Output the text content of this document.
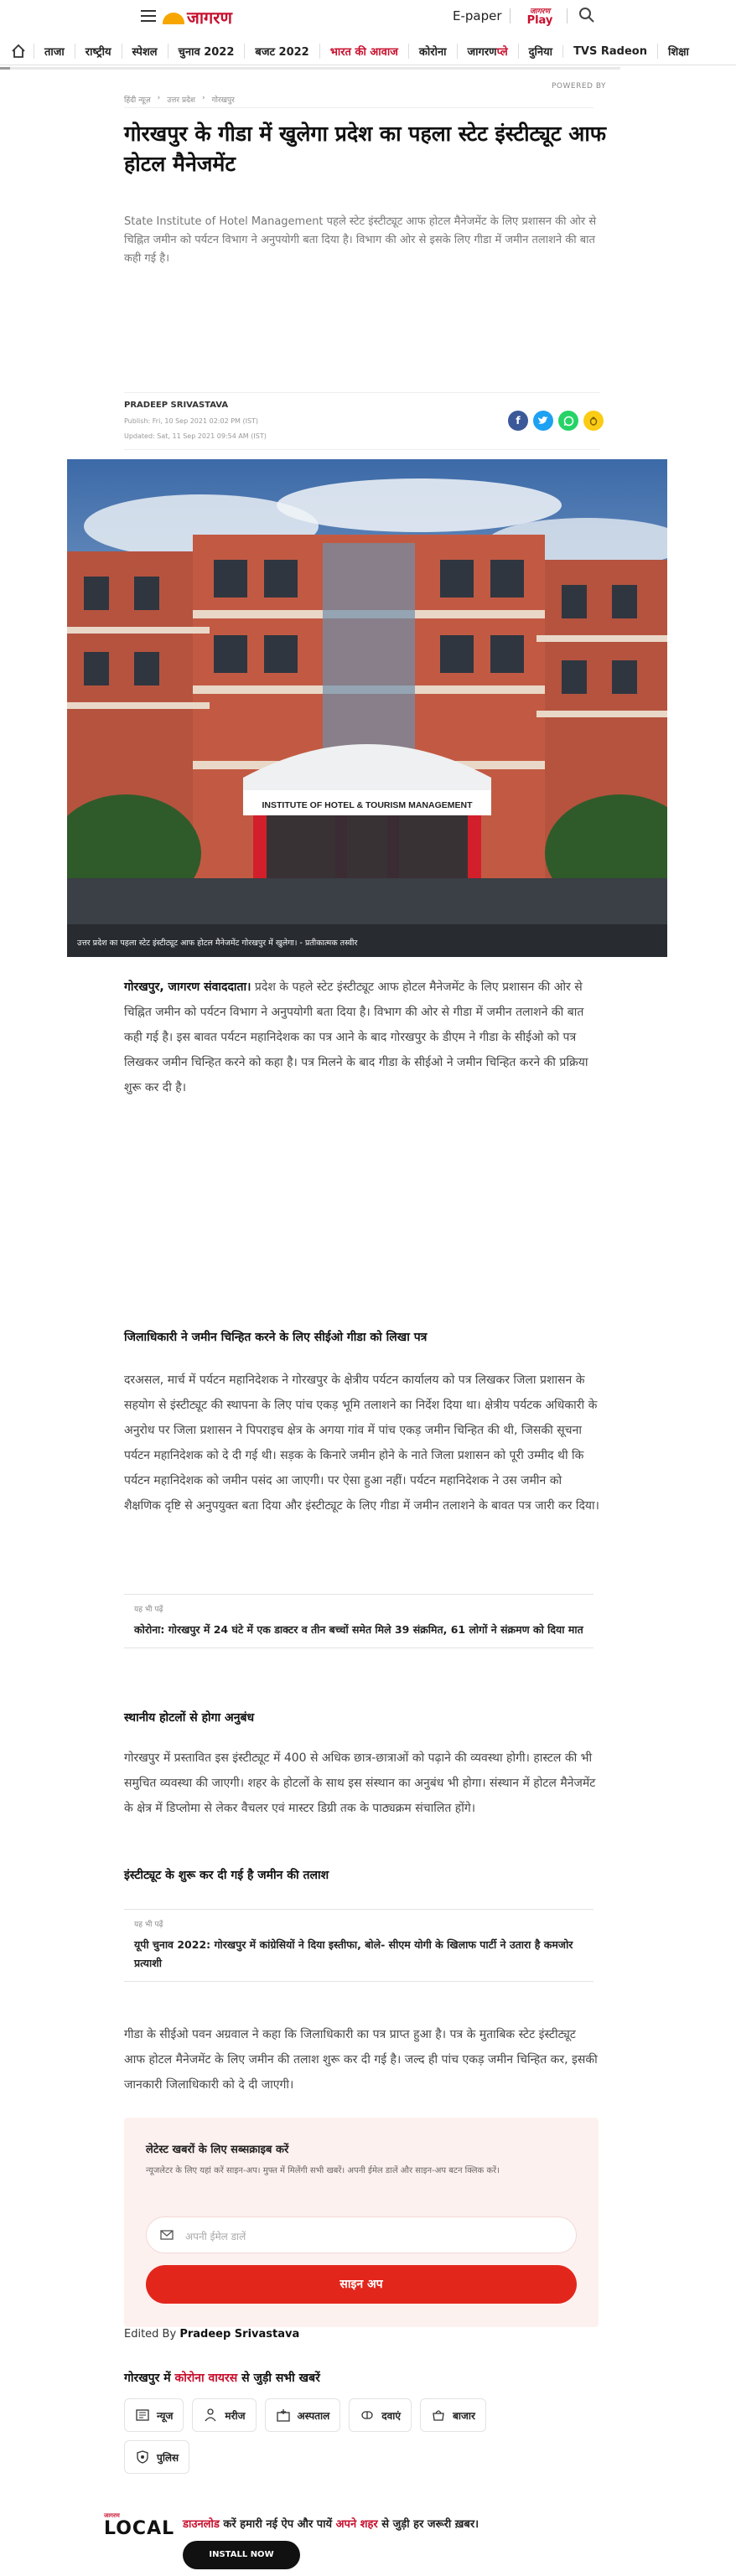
जागरण	E-paper	जागरण
Play
ताजा	राष्‍ट्रीय	स्पेशल	चुनाव 2022	बजट 2022	भारत की आवाज	कोरोना	जागरणप्‍ले	दुनिया	TVS Radeon	शिक्षा
POWERED BY
हिंदी न्यूज़ › उत्तर प्रदेश › गोरखपुर
गोरखपुर के गीडा में खुलेगा प्रदेश का पहला स्टेट इंस्टीट्यूट आफ होटल मैनेजमेंट

State Institute of Hotel Management पहले स्टेट इंस्टीट्यूट आफ होटल मैनेजमेंट के लिए प्रशासन की ओर से चिह्नित जमीन को पर्यटन विभाग ने अनुपयोगी बता दिया है। विभाग की ओर से इसके लिए गीडा में जमीन तलाशने की बात कही गई है।

PRADEEP SRIVASTAVA
Publish: Fri, 10 Sep 2021 02:02 PM (IST)
Updated: Sat, 11 Sep 2021 09:54 AM (IST)
f
INSTITUTE OF HOTEL & TOURISM MANAGEMENT
उत्तर प्रदेश का पहला स्टेट इंस्टीट्यूट आफ होटल मैनेजमेंट गोरखपुर में खुलेगा। - प्रतीकात्मक तस्वीर

गोरखपुर, जागरण संवाददाता। प्रदेश के पहले स्टेट इंस्टीट्यूट आफ होटल मैनेजमेंट के लिए प्रशासन की ओर से चिह्नित जमीन को पर्यटन विभाग ने अनुपयोगी बता दिया है। विभाग की ओर से गीडा में जमीन तलाशने की बात कही गई है। इस बावत पर्यटन महानिदेशक का पत्र आने के बाद गोरखपुर के डीएम ने गीडा के सीईओ को पत्र लिखकर जमीन चिन्हित करने को कहा है। पत्र मिलने के बाद गीडा के सीईओ ने जमीन चिन्हित करने की प्रक्रिया शुरू कर दी है।

जिलाधिकारी ने जमीन चिन्हित करने के लिए सीईओ गीडा को लिखा पत्र

दरअसल, मार्च में पर्यटन महानिदेशक ने गोरखपुर के क्षेत्रीय पर्यटन कार्यालय को पत्र लिखकर जिला प्रशासन के सहयोग से इंस्टीट्यूट की स्थापना के लिए पांच एकड़ भूमि तलाशने का निर्देश दिया था। क्षेत्रीय पर्यटक अधिकारी के अनुरोध पर जिला प्रशासन ने पिपराइच क्षेत्र के अगया गांव में पांच एकड़ जमीन चिन्हित की थी, जिसकी सूचना पर्यटन महानिदेशक को दे दी गई थी। सड़क के किनारे जमीन होने के नाते जिला प्रशासन को पूरी उम्मीद थी कि पर्यटन महानिदेशक को जमीन पसंद आ जाएगी। पर ऐसा हुआ नहीं। पर्यटन महानिदेशक ने उस जमीन को शैक्षणिक दृष्टि से अनुपयुक्त बता दिया और इंस्टीट्यूट के लिए गीडा में जमीन तलाशने के बावत पत्र जारी कर दिया।

यह भी पढ़ें
कोरोना: गोरखपुर में 24 घंटे में एक डाक्टर व तीन बच्चों समेत मिले 39 संक्रमित, 61 लोगों ने संक्रमण को दिया मात
स्थानीय होटलों से होगा अनुबंध

गोरखपुर में प्रस्तावित इस इंस्टीट्यूट में 400 से अधिक छात्र-छात्राओं को पढ़ाने की व्यवस्था होगी। हास्टल की भी समुचित व्यवस्था की जाएगी। शहर के होटलों के साथ इस संस्थान का अनुबंध भी होगा। संस्थान में होटल मैनेजमेंट के क्षेत्र में डिप्लोमा से लेकर वैचलर एवं मास्टर डिग्री तक के पाठ्यक्रम संचालित होंगे।

इंस्टीट्यूट के शुरू कर दी गई है जमीन की तलाश
यह भी पढ़ें
यूपी चुनाव 2022: गोरखपुर में कांग्रेसियों ने दिया इस्तीफा, बोले- सीएम योगी के खिलाफ पार्टी ने उतारा है कमजोर प्रत्याशी

गीडा के सीईओ पवन अग्रवाल ने कहा कि जिलाधिकारी का पत्र प्राप्त हुआ है। पत्र के मुताबिक स्टेट इंस्टीट्यूट आफ होटल मैनेजमेंट के लिए जमीन की तलाश शुरू कर दी गई है। जल्द ही पांच एकड़ जमीन चिन्हित कर, इसकी जानकारी जिलाधिकारी को दे दी जाएगी।

लेटेस्ट खबरों के लिए सब्सक्राइब करें
न्यूजलेटर के लिए यहां करें साइन-अप। मुफ्त में मिलेंगी सभी खबरें। अपनी ईमेल डालें और साइन-अप बटन क्लिक करें।
अपनी ईमेल डालें
साइन अप
Edited By Pradeep Srivastava
गोरखपुर में कोरोना वायरस से जुड़ी सभी खबरें
न्यूज	मरीज	अस्पताल	दवाएं	बाजार
पुलिस
जागरण
LOCAL डाउनलोड करें हमारी नई ऐप और पायें अपने शहर से जुड़ी हर जरूरी ख़बर।
INSTALL NOW
